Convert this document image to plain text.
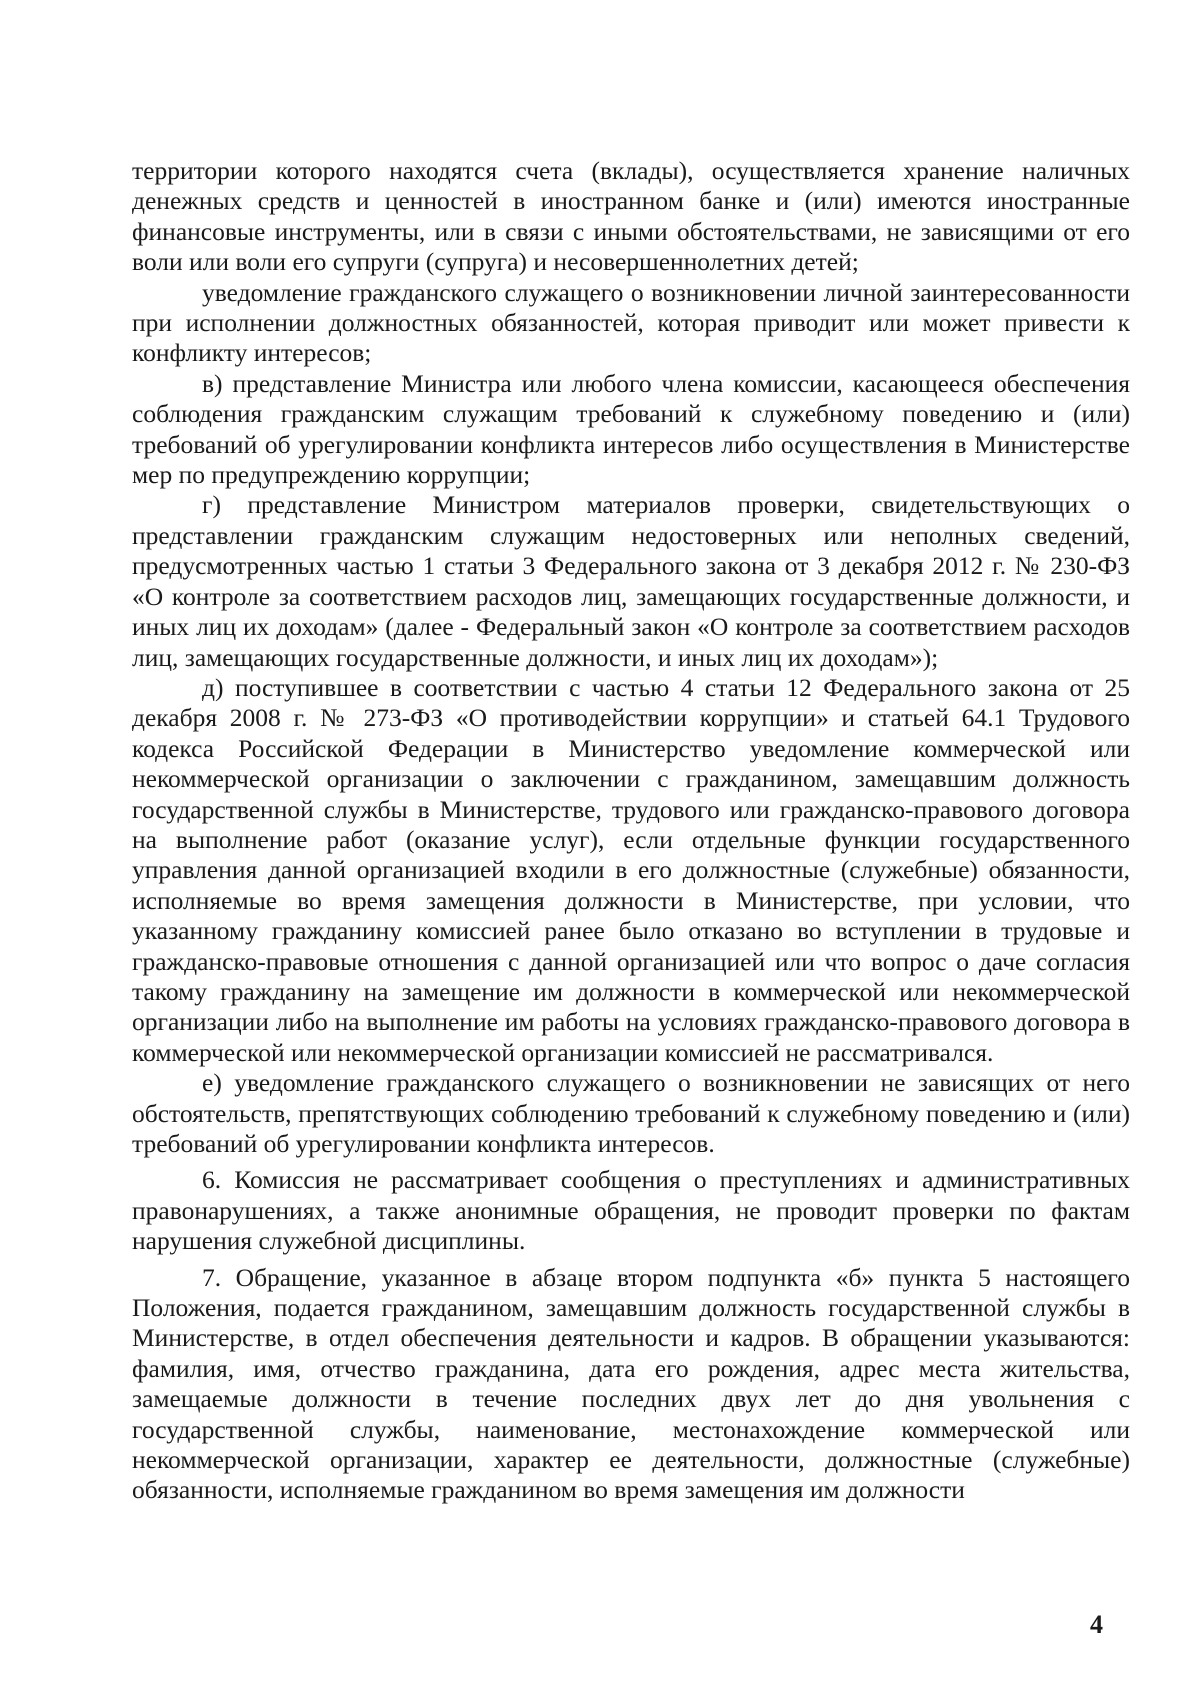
территории которого находятся счета (вклады), осуществляется хранение наличных денежных средств и ценностей в иностранном банке и (или) имеются иностранные финансовые инструменты, или в связи с иными обстоятельствами, не зависящими от его воли или воли его супруги (супруга) и несовершеннолетних детей;

уведомление гражданского служащего о возникновении личной заинтересованности при исполнении должностных обязанностей, которая приводит или может привести к конфликту интересов;

в) представление Министра или любого члена комиссии, касающееся обеспечения соблюдения гражданским служащим требований к служебному поведению и (или) требований об урегулировании конфликта интересов либо осуществления в Министерстве мер по предупреждению коррупции;

г) представление Министром материалов проверки, свидетельствующих о представлении гражданским служащим недостоверных или неполных сведений, предусмотренных частью 1 статьи 3 Федерального закона от 3 декабря 2012 г. № 230-ФЗ «О контроле за соответствием расходов лиц, замещающих государственные должности, и иных лиц их доходам» (далее - Федеральный закон «О контроле за соответствием расходов лиц, замещающих государственные должности, и иных лиц их доходам»);

д) поступившее в соответствии с частью 4 статьи 12 Федерального закона от 25 декабря 2008 г. № 273-ФЗ «О противодействии коррупции» и статьей 64.1 Трудового кодекса Российской Федерации в Министерство уведомление коммерческой или некоммерческой организации о заключении с гражданином, замещавшим должность государственной службы в Министерстве, трудового или гражданско-правового договора на выполнение работ (оказание услуг), если отдельные функции государственного управления данной организацией входили в его должностные (служебные) обязанности, исполняемые во время замещения должности в Министерстве, при условии, что указанному гражданину комиссией ранее было отказано во вступлении в трудовые и гражданско-правовые отношения с данной организацией или что вопрос о даче согласия такому гражданину на замещение им должности в коммерческой или некоммерческой организации либо на выполнение им работы на условиях гражданско-правового договора в коммерческой или некоммерческой организации комиссией не рассматривался.

е) уведомление гражданского служащего о возникновении не зависящих от него обстоятельств, препятствующих соблюдению требований к служебному поведению и (или) требований об урегулировании конфликта интересов.

6. Комиссия не рассматривает сообщения о преступлениях и административных правонарушениях, а также анонимные обращения, не проводит проверки по фактам нарушения служебной дисциплины.

7. Обращение, указанное в абзаце втором подпункта «б» пункта 5 настоящего Положения, подается гражданином, замещавшим должность государственной службы в Министерстве, в отдел обеспечения деятельности и кадров. В обращении указываются: фамилия, имя, отчество гражданина, дата его рождения, адрес места жительства, замещаемые должности в течение последних двух лет до дня увольнения с государственной службы, наименование, местонахождение коммерческой или некоммерческой организации, характер ее деятельности, должностные (служебные) обязанности, исполняемые гражданином во время замещения им должности

4
